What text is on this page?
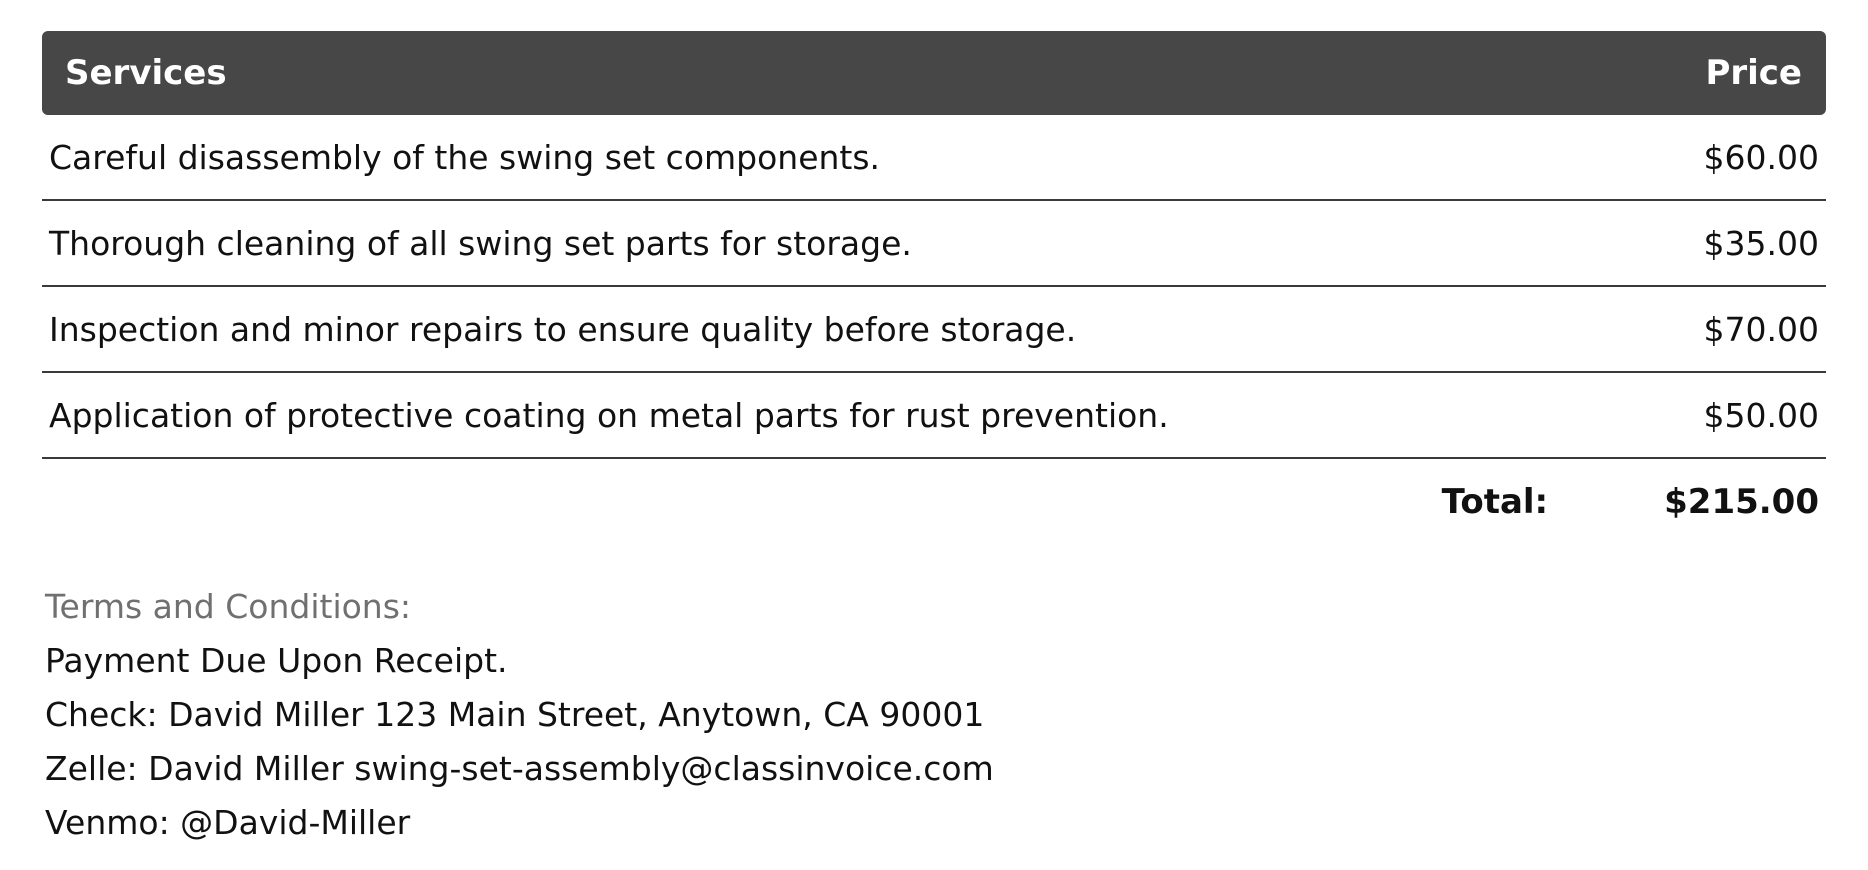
Services	Price
Careful disassembly of the swing set components.	$60.00
Thorough cleaning of all swing set parts for storage.	$35.00
Inspection and minor repairs to ensure quality before storage.	$70.00
Application of protective coating on metal parts for rust prevention.	$50.00
Total:	$215.00
Terms and Conditions:
Payment Due Upon Receipt.
Check: David Miller 123 Main Street, Anytown, CA 90001
Zelle: David Miller swing-set-assembly@classinvoice.com
Venmo: @David-Miller
